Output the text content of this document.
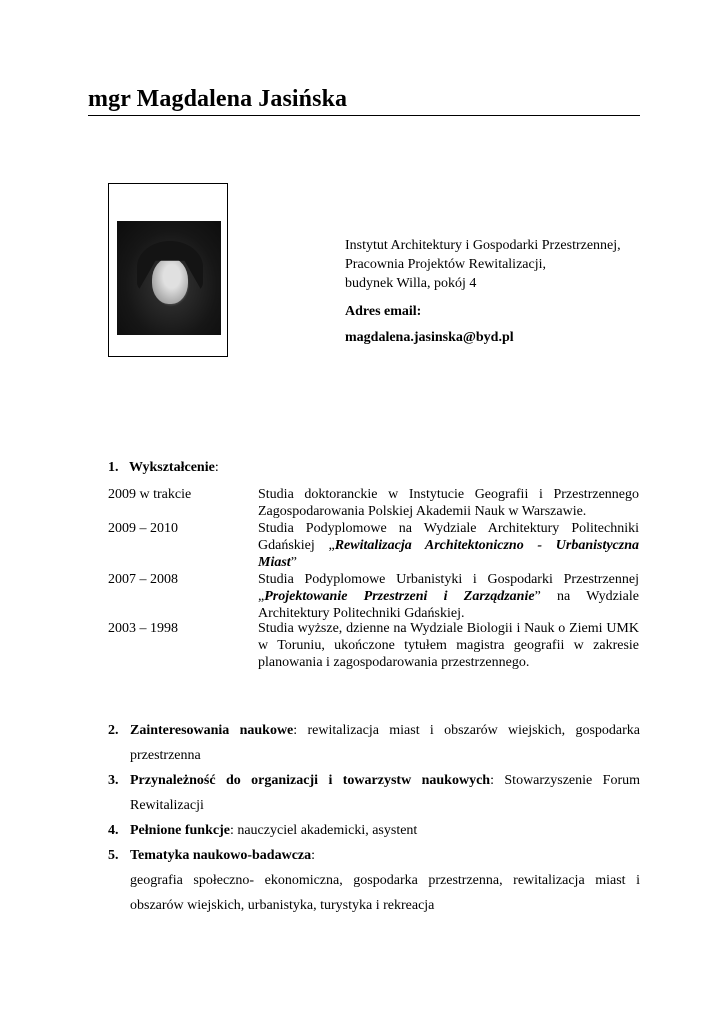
mgr Magdalena Jasińska
Instytut Architektury i Gospodarki Przestrzennej,
Pracownia Projektów Rewitalizacji,
budynek Willa, pokój 4
Adres email:
magdalena.jasinska@byd.pl
1. Wykształcenie:
2009 w trakcie	Studia doktoranckie w Instytucie Geografii i Przestrzennego Zagospodarowania Polskiej Akademii Nauk w Warszawie.
2009 – 2010	Studia Podyplomowe na Wydziale Architektury Politechniki Gdańskiej „Rewitalizacja Architektoniczno - Urbanistyczna Miast”
2007 – 2008	Studia Podyplomowe Urbanistyki i Gospodarki Przestrzennej „Projektowanie Przestrzeni i Zarządzanie” na Wydziale Architektury Politechniki Gdańskiej.
2003 – 1998	Studia wyższe, dzienne na Wydziale Biologii i Nauk o Ziemi UMK w Toruniu, ukończone tytułem magistra geografii w zakresie planowania i zagospodarowania przestrzennego.
2. Zainteresowania naukowe: rewitalizacja miast i obszarów wiejskich, gospodarka przestrzenna
3. Przynależność do organizacji i towarzystw naukowych: Stowarzyszenie Forum Rewitalizacji
4. Pełnione funkcje: nauczyciel akademicki, asystent
5. Tematyka naukowo-badawcza:
geografia społeczno- ekonomiczna, gospodarka przestrzenna, rewitalizacja miast i obszarów wiejskich, urbanistyka, turystyka i rekreacja
